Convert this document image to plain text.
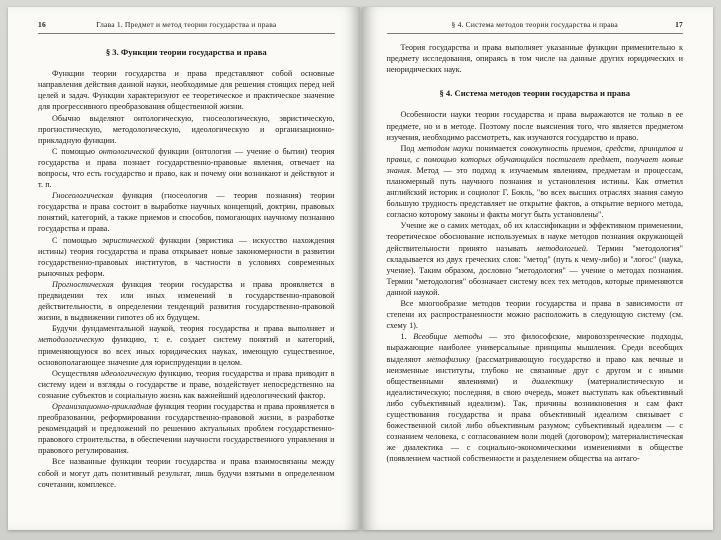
16	Глава 1. Предмет и метод теории государства и права
§ 3. Функции теории государства и права

Функции теории государства и права представляют собой основные направления действия данной науки, необходимые для решения стоящих перед ней целей и задач. Функции характеризуют ее теоретическое и практическое значение для прогрессивного преобразования общественной жизни.

Обычно выделяют онтологическую, гносеологическую, эвристическую, прогностическую, методологическую, идеологическую и организационно-прикладную функции.

С помощью онтологической функции (онтология — учение о бытии) теория государства и права познает государственно-правовые явления, отвечает на вопросы, что есть государство и право, как и почему они возникают и действуют и т. п.

Гносеологическая функция (гносеология — теория познания) теории государства и права состоит в выработке научных концепций, доктрин, правовых понятий, категорий, а также приемов и способов, помогающих научному познанию государства и права.

С помощью эвристической функции (эвристика — искусство нахождения истины) теория государства и права открывает новые закономерности в развитии государственно-правовых институтов, в частности в условиях современных рыночных реформ.

Прогностическая функция теории государства и права проявляется в предвидении тех или иных изменений в государственно-правовой действительности, в определении тенденций развития государственно-правовой жизни, в выдвижении гипотез об их будущем.

Будучи фундаментальной наукой, теория государства и права выполняет и методологическую функцию, т. е. создает систему понятий и категорий, применяющуюся во всех иных юридических науках, имеющую существенное, основополагающее значение для юриспруденции в целом.

Осуществляя идеологическую функцию, теория государства и права приводит в систему идеи и взгляды о государстве и праве, воздействует непосредственно на сознание субъектов и социальную жизнь как важнейший идеологический фактор.

Организационно-прикладная функция теории государства и права проявляется в преобразовании, реформировании государственно-правовой жизни, в разработке рекомендаций и предложений по решению актуальных проблем государственно-правового строительства, в обеспечении научности государственного управления и правового регулирования.

Все названные функции теории государства и права взаимосвязаны между собой и могут дать позитивный результат, лишь будучи взятыми в определенном сочетании, комплексе.

§ 4. Система методов теории государства и права	17

Теория государства и права выполняет указанные функции применительно к предмету исследования, опираясь в том числе на данные других юридических и неюридических наук.

§ 4. Система методов теории государства и права

Особенности науки теории государства и права выражаются не только в ее предмете, но и в методе. Поэтому после выяснения того, что является предметом изучения, необходимо рассмотреть, как изучаются государство и право.

Под методом науки понимается совокупность приемов, средств, принципов и правил, с помощью которых обучающийся постигает предмет, получает новые знания. Метод — это подход к изучаемым явлениям, предметам и процессам, планомерный путь научного познания и установления истины. Как отметил английский историк и социолог Г. Бокль, "во всех высших отраслях знания самую большую трудность представляет не открытие фактов, а открытие верного метода, согласно которому законы и факты могут быть установлены".

Учение же о самих методах, об их классификации и эффективном применении, теоретическое обоснование используемых в науке методов познания окружающей действительности принято называть методологией. Термин "методология" складывается из двух греческих слов: "метод" (путь к чему-либо) и "логос" (наука, учение). Таким образом, дословно "методология" — учение о методах познания. Термин "методология" обозначает систему всех тех методов, которые применяются данной наукой.

Все многообразие методов теории государства и права в зависимости от степени их распространенности можно расположить в следующую систему (см. схему 1).

1. Всеобщие методы — это философские, мировоззренческие подходы, выражающие наиболее универсальные принципы мышления. Среди всеобщих выделяют метафизику (рассматривающую государство и право как вечные и неизменные институты, глубоко не связанные друг с другом и с иными общественными явлениями) и диалектику (материалистическую и идеалистическую; последняя, в свою очередь, может выступать как объективный либо субъективный идеализм). Так, причины возникновения и сам факт существования государства и права объективный идеализм связывает с божественной силой либо объективным разумом; субъективный идеализм — с сознанием человека, с согласованием воли людей (договором); материалистическая же диалектика — с социально-экономическими изменениями в обществе (появлением частной собственности и разделением общества на антаго-
